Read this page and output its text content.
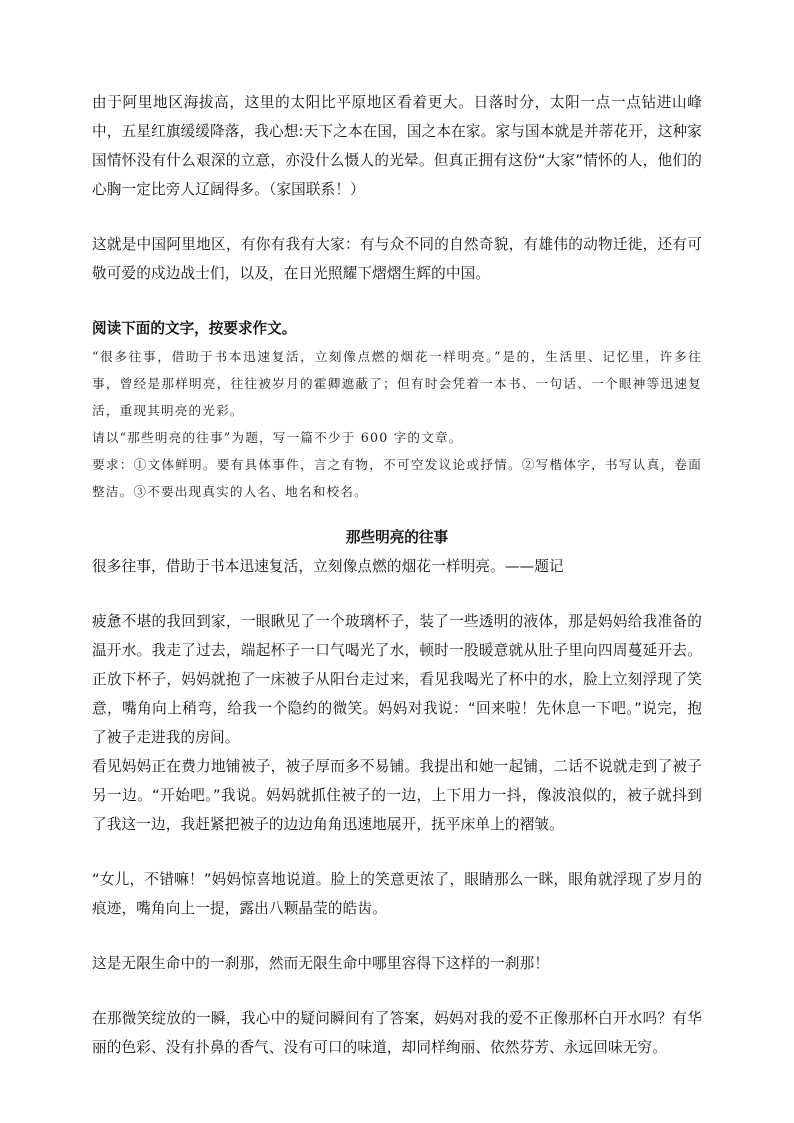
由于阿里地区海拔高，这里的太阳比平原地区看着更大。日落时分，太阳一点一点钻进山峰中，五星红旗缓缓降落，我心想:天下之本在国，国之本在家。家与国本就是并蒂花开，这种家国情怀没有什么艰深的立意，亦没什么慑人的光晕。但真正拥有这份“大家”情怀的人，他们的心胸一定比旁人辽阔得多。（家国联系！）

这就是中国阿里地区，有你有我有大家：有与众不同的自然奇貌，有雄伟的动物迁徙，还有可敬可爱的戍边战士们，以及，在日光照耀下熠熠生辉的中国。

阅读下面的文字，按要求作文。

“很多往事，借助于书本迅速复活，立刻像点燃的烟花一样明亮。”是的，生活里、记忆里，许多往事，曾经是那样明亮，往往被岁月的霍卿遮蔽了；但有时会凭着一本书、一句话、一个眼神等迅速复活，重现其明亮的光彩。

请以“那些明亮的往事”为题，写一篇不少于 600 字的文章。

要求：①文体鲜明。要有具体事件，言之有物，不可空发议论或抒情。②写楷体字，书写认真，卷面整洁。③不要出现真实的人名、地名和校名。

那些明亮的往事

很多往事，借助于书本迅速复活，立刻像点燃的烟花一样明亮。——题记

疲惫不堪的我回到家，一眼瞅见了一个玻璃杯子，装了一些透明的液体，那是妈妈给我准备的温开水。我走了过去，端起杯子一口气喝光了水，顿时一股暖意就从肚子里向四周蔓延开去。正放下杯子，妈妈就抱了一床被子从阳台走过来，看见我喝光了杯中的水，脸上立刻浮现了笑意，嘴角向上稍弯，给我一个隐约的微笑。妈妈对我说：“回来啦！先休息一下吧。”说完，抱了被子走进我的房间。

看见妈妈正在费力地铺被子，被子厚而多不易铺。我提出和她一起铺，二话不说就走到了被子另一边。“开始吧。”我说。妈妈就抓住被子的一边，上下用力一抖，像波浪似的，被子就抖到了我这一边，我赶紧把被子的边边角角迅速地展开，抚平床单上的褶皱。

“女儿，不错嘛！”妈妈惊喜地说道。脸上的笑意更浓了，眼睛那么一眯，眼角就浮现了岁月的痕迹，嘴角向上一提，露出八颗晶莹的皓齿。

这是无限生命中的一刹那，然而无限生命中哪里容得下这样的一刹那！

在那微笑绽放的一瞬，我心中的疑问瞬间有了答案，妈妈对我的爱不正像那杯白开水吗？有华丽的色彩、没有扑鼻的香气、没有可口的味道，却同样绚丽、依然芬芳、永远回味无穷。
